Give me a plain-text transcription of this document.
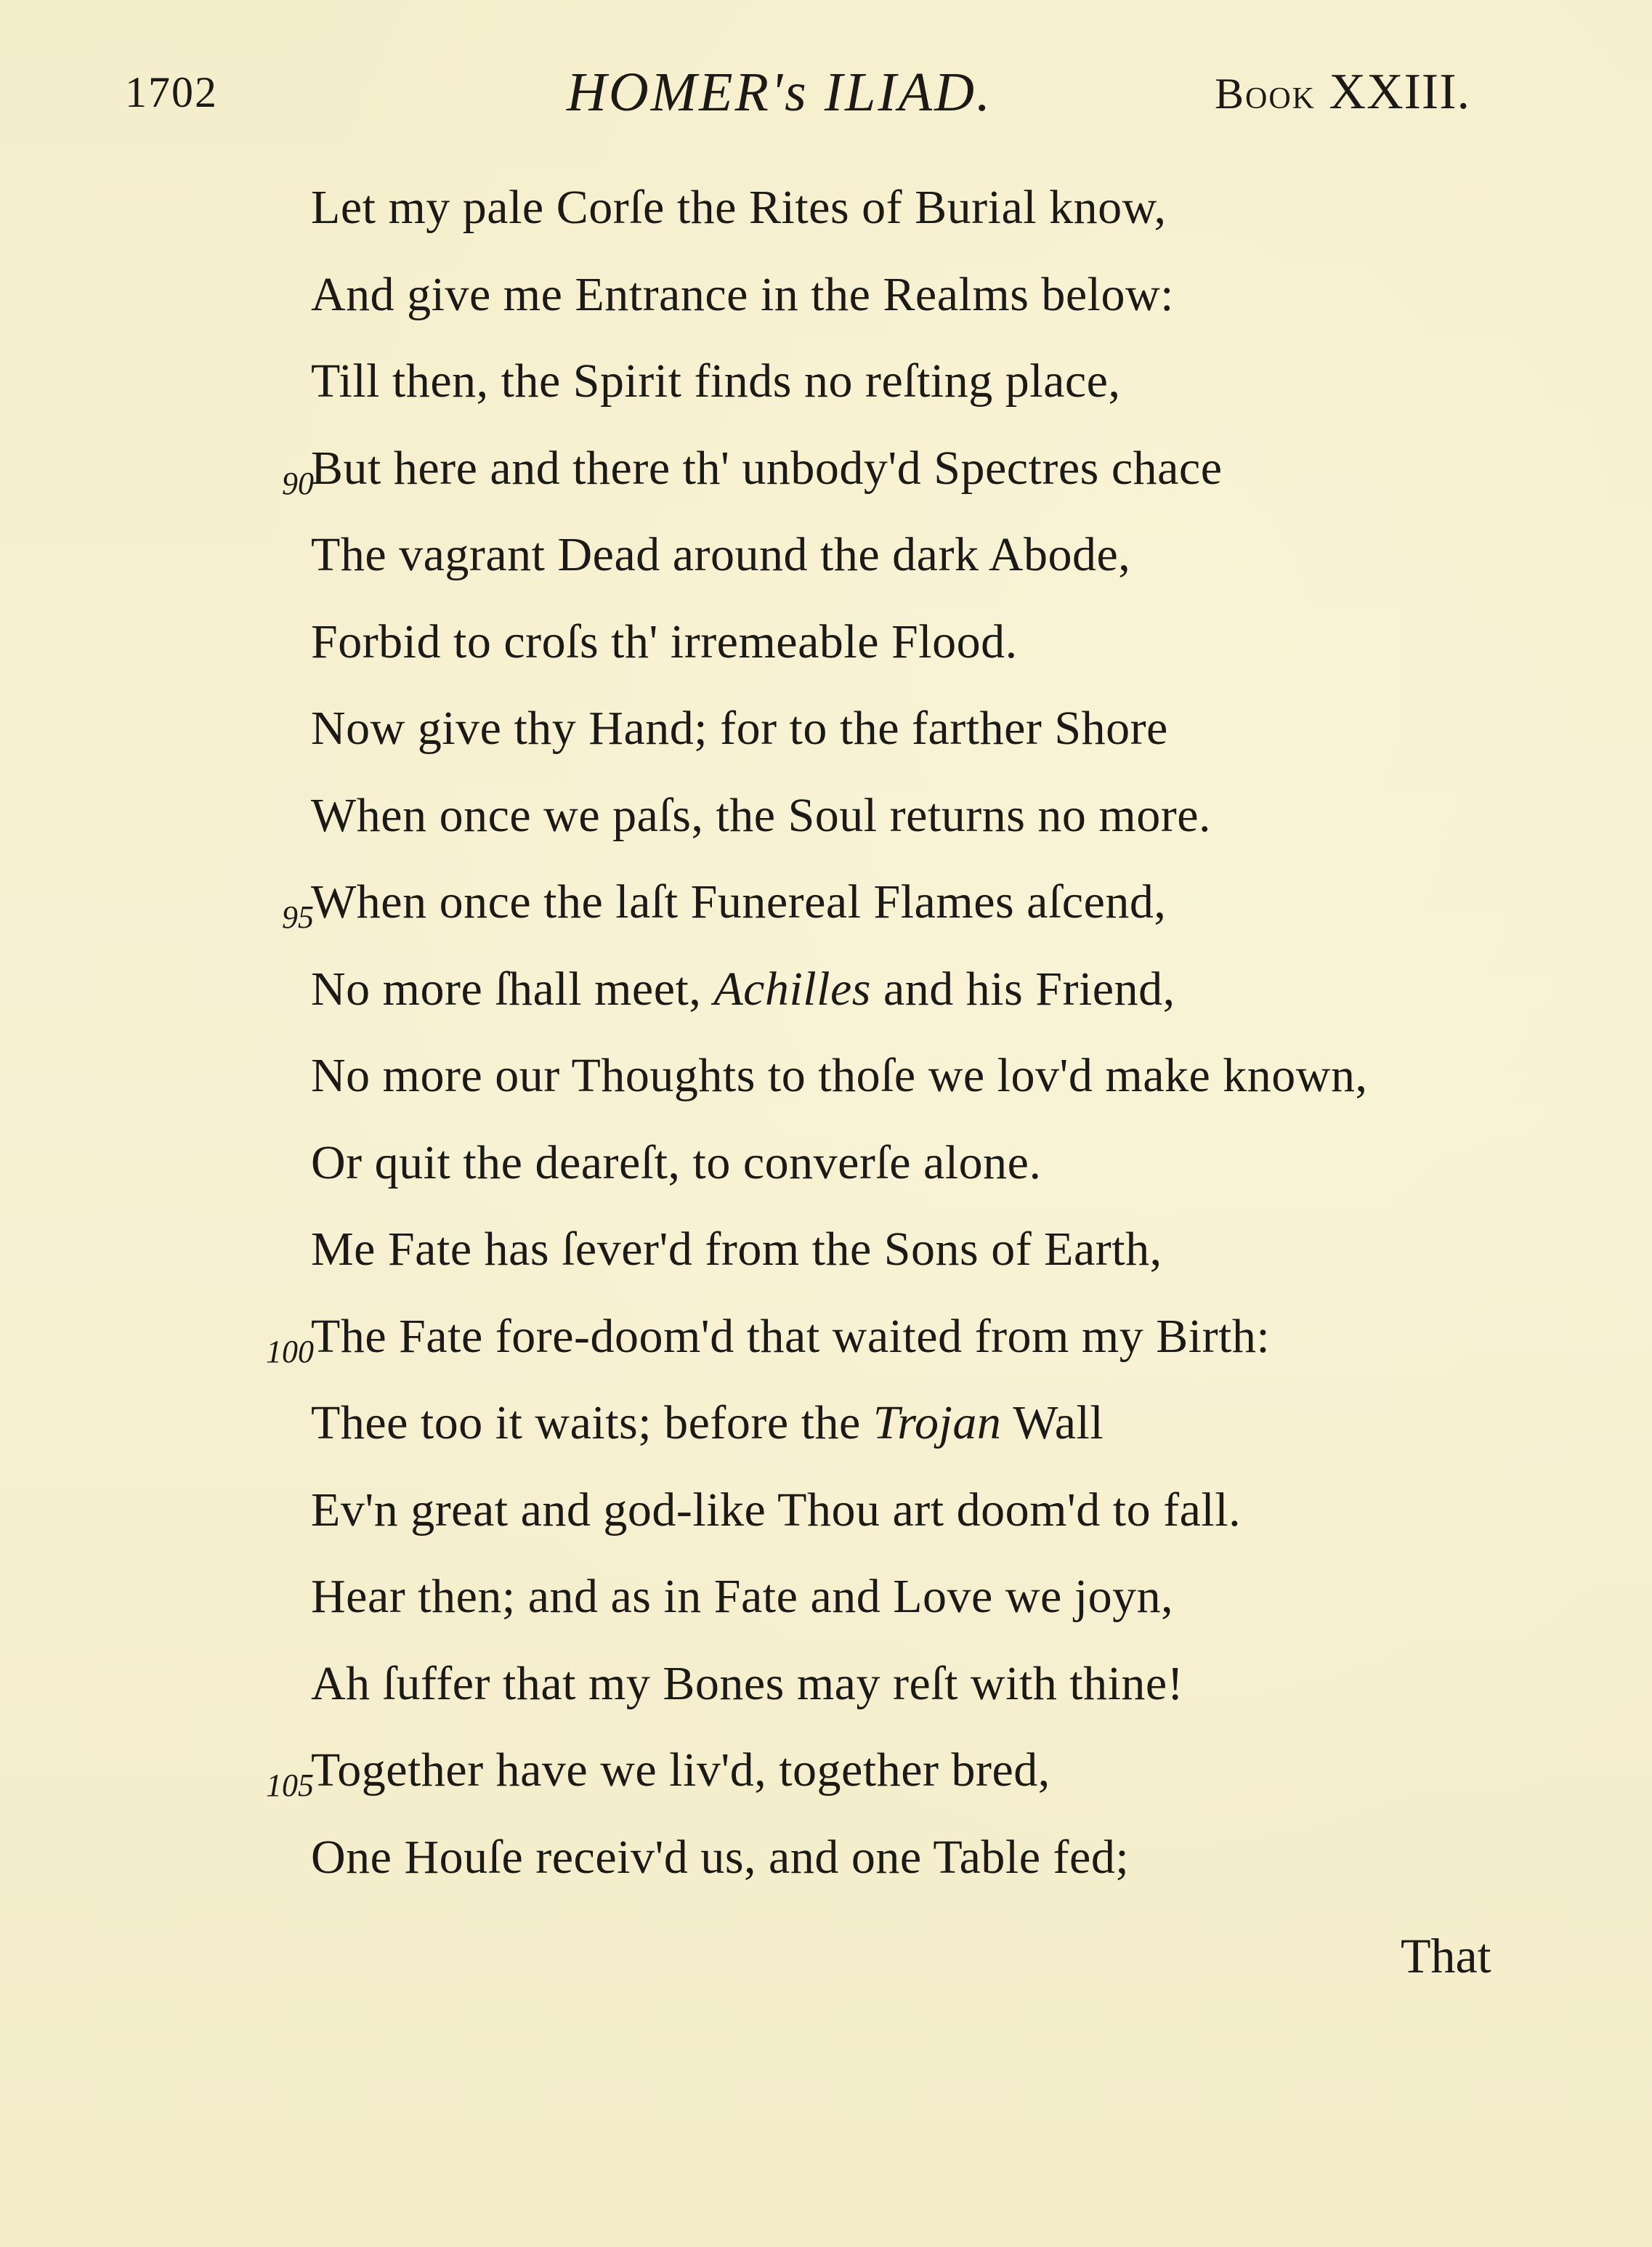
1702	HOMER's ILIAD.	Book XXIII.
Let my pale Corſe the Rites of Burial know,
And give me Entrance in the Realms below:
Till then, the Spirit finds no reſting place,
90
But here and there th' unbody'd Spectres chace
The vagrant Dead around the dark Abode,
Forbid to croſs th' irremeable Flood.
Now give thy Hand; for to the farther Shore
When once we paſs, the Soul returns no more.
95
When once the laſt Funereal Flames aſcend,
No more ſhall meet, Achilles and his Friend,
No more our Thoughts to thoſe we lov'd make known,
Or quit the deareſt, to converſe alone.
Me Fate has ſever'd from the Sons of Earth,
100
The Fate fore-doom'd that waited from my Birth:
Thee too it waits; before the Trojan Wall
Ev'n great and god-like Thou art doom'd to fall.
Hear then; and as in Fate and Love we joyn,
Ah ſuffer that my Bones may reſt with thine!
105
Together have we liv'd, together bred,
One Houſe receiv'd us, and one Table fed;
That
